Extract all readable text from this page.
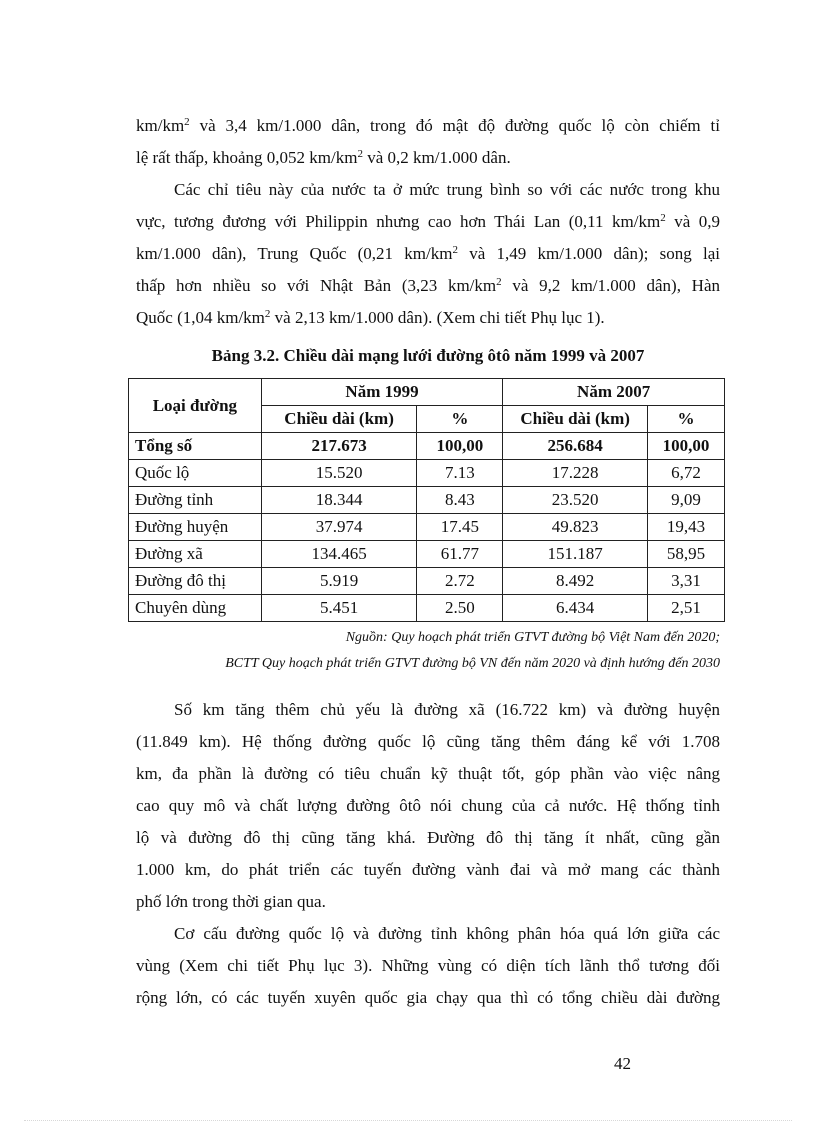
$km/km^2$ và 3,4 km/1.000 dân, trong đó mật độ đường quốc lộ còn chiếm tỉ
lệ rất thấp, khoảng 0,052 $km/km^2$ và 0,2 km/1.000 dân.
Các chỉ tiêu này của nước ta ở mức trung bình so với các nước trong khu
vực, tương đương với Philippin nhưng cao hơn Thái Lan (0,11 $km/km^2$ và 0,9
km/1.000 dân), Trung Quốc (0,21 $km/km^2$ và 1,49 km/1.000 dân); song lại
thấp hơn nhiều so với Nhật Bản (3,23 $km/km^2$ và 9,2 km/1.000 dân), Hàn
Quốc (1,04 $km/km^2$ và 2,13 km/1.000 dân). (Xem chi tiết Phụ lục 1).

Bảng 3.2. Chiều dài mạng lưới đường ôtô năm 1999 và 2007

Loại đường	Năm 1999		Năm 2007	
	Chiều dài (km)	%	Chiều dài (km)	%
Tổng số	217.673	100,00	256.684	100,00
Quốc lộ	15.520	7.13	17.228	6,72
Đường tỉnh	18.344	8.43	23.520	9,09
Đường huyện	37.974	17.45	49.823	19,43
Đường xã	134.465	61.77	151.187	58,95
Đường đô thị	5.919	2.72	8.492	3,31
Chuyên dùng	5.451	2.50	6.434	2,51

Nguồn: Quy hoạch phát triển GTVT đường bộ Việt Nam đến 2020;

BCTT Quy hoạch phát triển GTVT đường bộ VN đến năm 2020 và định hướng đến 2030

Số km tăng thêm chủ yếu là đường xã (16.722 km) và đường huyện
(11.849 km). Hệ thống đường quốc lộ cũng tăng thêm đáng kể với 1.708
km, đa phần là đường có tiêu chuẩn kỹ thuật tốt, góp phần vào việc nâng
cao quy mô và chất lượng đường ôtô nói chung của cả nước. Hệ thống tỉnh
lộ và đường đô thị cũng tăng khá. Đường đô thị tăng ít nhất, cũng gần
1.000 km, do phát triển các tuyến đường vành đai và mở mang các thành
phố lớn trong thời gian qua.
Cơ cấu đường quốc lộ và đường tỉnh không phân hóa quá lớn giữa các
vùng (Xem chi tiết Phụ lục 3). Những vùng có diện tích lãnh thổ tương đối
rộng lớn, có các tuyến xuyên quốc gia chạy qua thì có tổng chiều dài đường
42
